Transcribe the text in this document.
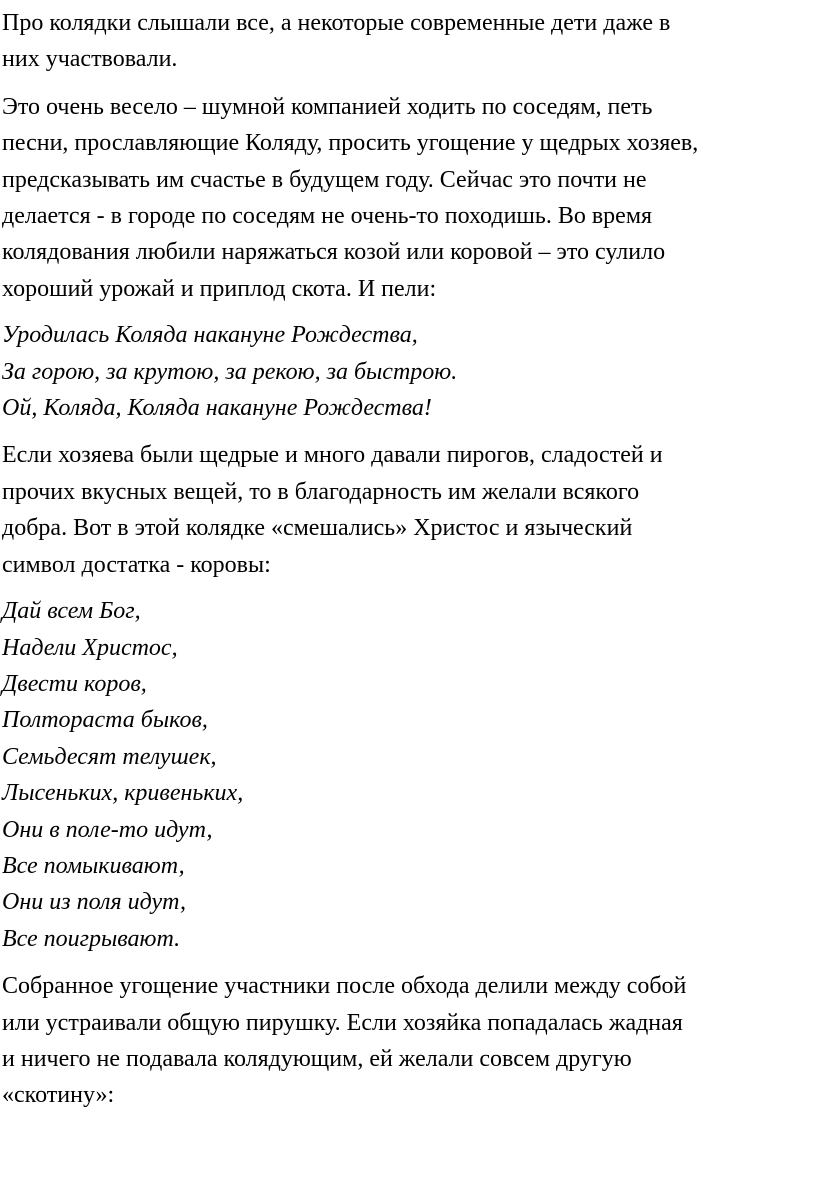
Про колядки слышали все, а некоторые современные дети даже в
них участвовали.

Это очень весело – шумной компанией ходить по соседям, петь
песни, прославляющие Коляду, просить угощение у щедрых хозяев,
предсказывать им счастье в будущем году. Сейчас это почти не
делается - в городе по соседям не очень-то походишь. Во время
колядования любили наряжаться козой или коровой – это сулило
хороший урожай и приплод скота. И пели:

Уродилась Коляда накануне Рождества,
За горою, за крутою, за рекою, за быстрою.
Ой, Коляда, Коляда накануне Рождества!

Если хозяева были щедрые и много давали пирогов, сладостей и
прочих вкусных вещей, то в благодарность им желали всякого
добра. Вот в этой колядке «смешались» Христос и языческий
символ достатка - коровы:

Дай всем Бог,
Надели Христос,
Двести коров,
Полтораста быков,
Семьдесят телушек,
Лысеньких, кривеньких,
Они в поле-то идут,
Все помыкивают,
Они из поля идут,
Все поигрывают.

Собранное угощение участники после обхода делили между собой
или устраивали общую пирушку. Если хозяйка попадалась жадная
и ничего не подавала колядующим, ей желали совсем другую
«скотину»:
